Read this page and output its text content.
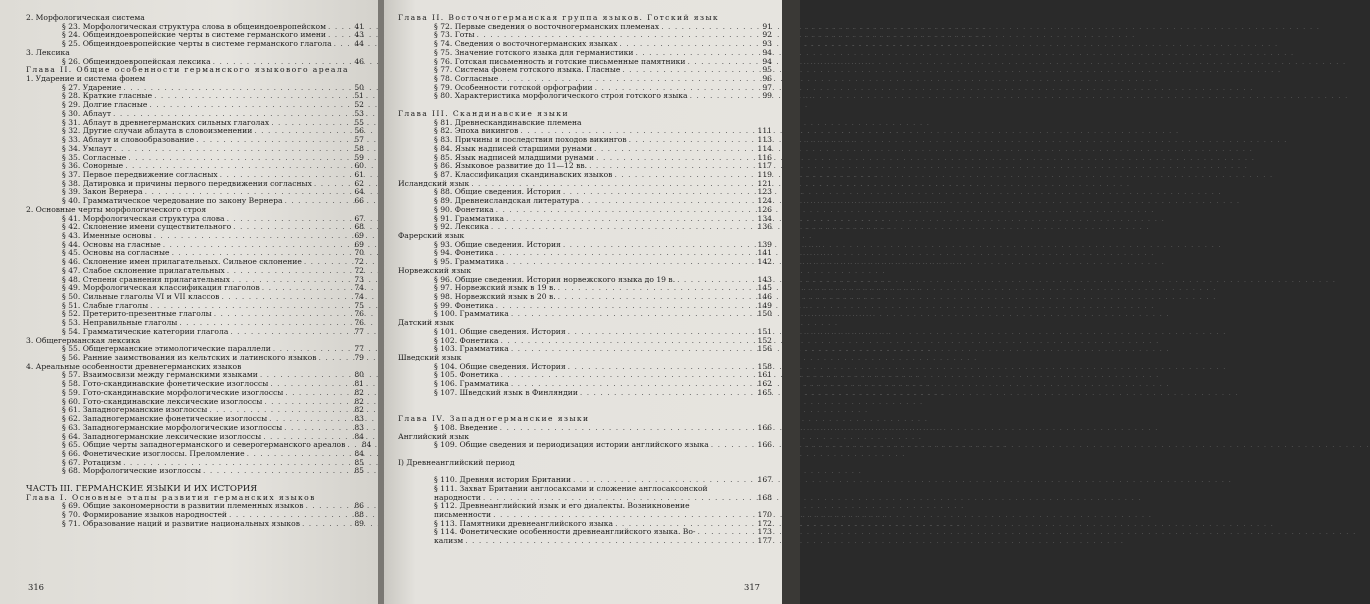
2. Морфологическая система
§ 23. Морфологическая структура слова в общеиндоевропейском . . .	41
§ 24. Общеиндоевропейские черты в системе германского имени . . .	43
§ 25. Общеиндоевропейские черты в системе германского глагола . . .	44
3. Лексика
§ 26. Общеиндоевропейская лексика . . .	46
Глава II. Общие особенности германского языкового ареала
1. Ударение и система фонем
§ 27. Ударение . . .	50
§ 28. Краткие гласные . . .	51
§ 29. Долгие гласные . . .	52
§ 30. Аблаут . . .	53
§ 31. Аблаут в древнегерманских сильных глаголах . . .	55
§ 32. Другие случаи аблаута в словоизменении . . .	56
§ 33. Аблаут и словообразование . . .	57
§ 34. Умлаут . . .	58
§ 35. Согласные . . .	59
§ 36. Сонорные . . .	60
§ 37. Первое передвижение согласных . . .	61
§ 38. Датировка и причины первого передвижения согласных . . .	62
§ 39. Закон Вернера . . .	64
§ 40. Грамматическое чередование по закону Вернера . . .	66
2. Основные черты морфологического строя
§ 41. Морфологическая структура слова . . .	67
§ 42. Склонение имени существительного . . .	68
§ 43. Именные основы . . .	69
§ 44. Основы на гласные . . .	69
§ 45. Основы на согласные . . .	70
§ 46. Склонение имен прилагательных. Сильное склонение . . .	72
§ 47. Слабое склонение прилагательных . . .	72
§ 48. Степени сравнения прилагательных . . .	73
§ 49. Морфологическая классификация глаголов . . .	74
§ 50. Сильные глаголы VI и VII классов . . .	74
§ 51. Слабые глаголы . . .	75
§ 52. Претерито-презентные глаголы . . .	76
§ 53. Неправильные глаголы . . .	76
§ 54. Грамматические категории глагола . . .	77
3. Общегерманская лексика
§ 55. Общегерманские этимологические параллели . . .	77
§ 56. Ранние заимствования из кельтских и латинского языков . . .	79
4. Ареальные особенности древнегерманских языков
§ 57. Взаимосвязи между германскими языками . . .	80
§ 58. Гото-скандинавские фонетические изоглоссы . . .	81
§ 59. Гото-скандинавские морфологические изоглоссы . . .	82
§ 60. Гото-скандинавские лексические изоглоссы . . .	82
§ 61. Западногерманские изоглоссы . . .	82
§ 62. Западногерманские фонетические изоглоссы . . .	83
§ 63. Западногерманские морфологические изоглоссы . . .	83
§ 64. Западногерманские лексические изоглоссы . . .	84
§ 65. Общие черты западногерманского и северогерманского ареалов . . .	84
§ 66. Фонетические изоглоссы. Преломление . . .	84
§ 67. Ротацизм . . .	85
§ 68. Морфологические изоглоссы . . .	85
ЧАСТЬ III. ГЕРМАНСКИЕ ЯЗЫКИ И ИХ ИСТОРИЯ
Глава I. Основные этапы развития германских языков
§ 69. Общие закономерности в развитии племенных языков . . .	86
§ 70. Формирование языков народностей . . .	88
§ 71. Образование наций и развитие национальных языков . . .	89
316
Глава II. Восточногерманская группа языков. Готский язык
§ 72. Первые сведения о восточногерманских племенах . . .	91
§ 73. Готы . . .	92
§ 74. Сведения о восточногерманских языках . . .	93
§ 75. Значение готского языка для германистики . . .	94
§ 76. Готская письменность и готские письменные памятники . . .	94
§ 77. Система фонем готского языка. Гласные . . .	95
§ 78. Согласные . . .	96
§ 79. Особенности готской орфографии . . .	97
§ 80. Характеристика морфологического строя готского языка . . .	99
Глава III. Скандинавские языки
§ 81. Древнескандинавские племена
§ 82. Эпоха викингов . . .	111
§ 83. Причины и последствия походов викингов . . .	113
§ 84. Язык надписей старшими рунами . . .	114
§ 85. Язык надписей младшими рунами . . .	116
§ 86. Языковое развитие до 11—12 вв. . . .	117
§ 87. Классификация скандинавских языков . . .	119
Исландский язык . . .	121
§ 88. Общие сведения. История . . .	123
§ 89. Древнеисландская литература . . .	124
§ 90. Фонетика . . .	126
§ 91. Грамматика . . .	134
§ 92. Лексика . . .	136
Фарерский язык
§ 93. Общие сведения. История . . .	139
§ 94. Фонетика . . .	141
§ 95. Грамматика . . .	142
Норвежский язык
§ 96. Общие сведения. История норвежского языка до 19 в. . . .	143
§ 97. Норвежский язык в 19 в. . . .	145
§ 98. Норвежский язык в 20 в. . . .	146
§ 99. Фонетика . . .	149
§ 100. Грамматика . . .	150
Датский язык
§ 101. Общие сведения. История . . .	151
§ 102. Фонетика . . .	152
§ 103. Грамматика . . .	156
Шведский язык
§ 104. Общие сведения. История . . .	158
§ 105. Фонетика . . .	161
§ 106. Грамматика . . .	162
§ 107. Шведский язык в Финляндии . . .	165
Глава IV. Западногерманские языки
§ 108. Введение . . .	166
Английский язык
§ 109. Общие сведения и периодизация истории английского языка . . .	166
I) Древнеанглийский период
§ 110. Древняя история Британии . . .	167
§ 111. Захват Британии англосаксами и сложение англосаксонской
народности . . .	168
§ 112. Древнеанглийский язык и его диалекты. Возникновение
письменности . . .	170
§ 113. Памятники древнеанглийского языка . . .	172
§ 114. Фонетические особенности древнеанглийского языка. Во- . . .	173
кализм . . .	177
317
